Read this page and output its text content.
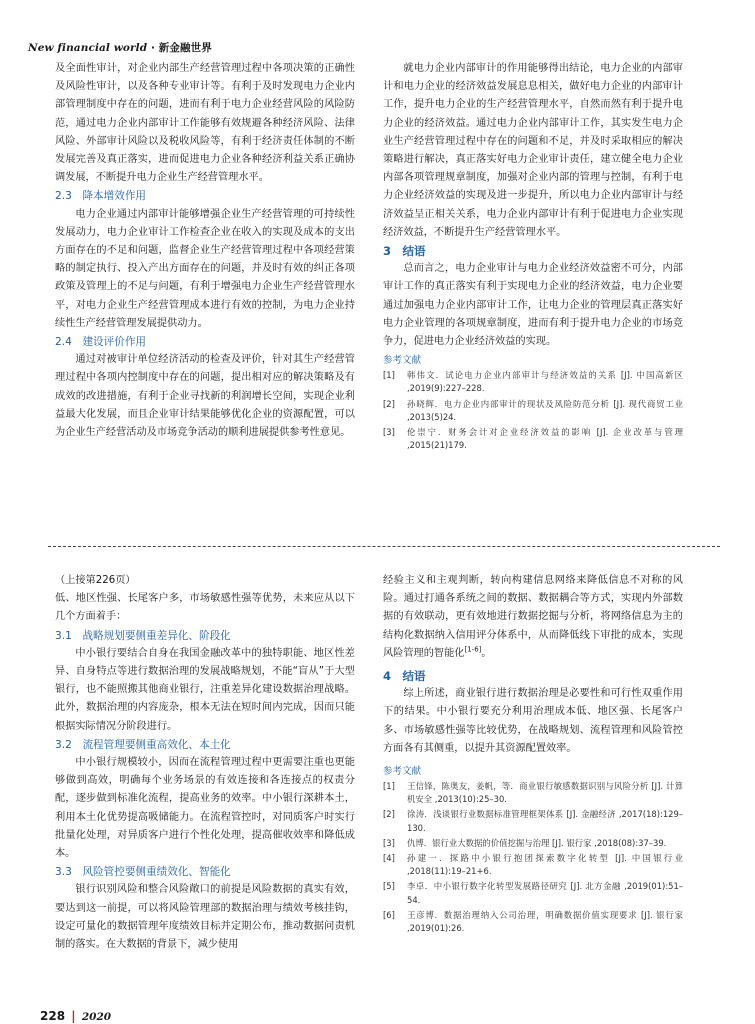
New financial world · 新金融世界

及全面性审计，对企业内部生产经营管理过程中各项决策的正确性及风险性审计，以及各种专业审计等。有利于及时发现电力企业内部管理制度中存在的问题，进而有利于电力企业经营风险的风险防范，通过电力企业内部审计工作能够有效规避各种经济风险、法律风险、外部审计风险以及税收风险等，有利于经济责任体制的不断发展完善及真正落实，进而促进电力企业各种经济利益关系正确协调发展，不断提升电力企业生产经营管理水平。

2.3　降本增效作用

电力企业通过内部审计能够增强企业生产经营管理的可持续性发展动力，电力企业审计工作检查企业在收入的实现及成本的支出方面存在的不足和问题，监督企业生产经营管理过程中各项经营策略的制定执行、投入产出方面存在的问题，并及时有效的纠正各项政策及管理上的不足与问题，有利于增强电力企业生产经营管理水平，对电力企业生产经营管理成本进行有效的控制，为电力企业持续性生产经营管理发展提供动力。

2.4　建设评价作用

通过对被审计单位经济活动的检查及评价，针对其生产经营管理过程中各项内控制度中存在的问题，提出相对应的解决策略及有成效的改进措施，有利于企业寻找新的利润增长空间，实现企业利益最大化发展，而且企业审计结果能够优化企业的资源配置，可以为企业生产经营活动及市场竞争活动的顺利进展提供参考性意见。

就电力企业内部审计的作用能够得出结论，电力企业的内部审计和电力企业的经济效益发展息息相关，做好电力企业的内部审计工作，提升电力企业的生产经营管理水平，自然而然有利于提升电力企业的经济效益。通过电力企业内部审计工作，其实发生电力企业生产经营管理过程中存在的问题和不足，并及时采取相应的解决策略进行解决，真正落实好电力企业审计责任，建立健全电力企业内部各项管理规章制度，加强对企业内部的管理与控制，有利于电力企业经济效益的实现及进一步提升，所以电力企业内部审计与经济效益呈正相关关系，电力企业内部审计有利于促进电力企业实现经济效益，不断提升生产经营管理水平。

3　结语

总而言之，电力企业审计与电力企业经济效益密不可分，内部审计工作的真正落实有利于实现电力企业的经济效益，电力企业要通过加强电力企业内部审计工作，让电力企业的管理层真正落实好电力企业管理的各项规章制度，进而有利于提升电力企业的市场竞争力，促进电力企业经济效益的实现。

参考文献
[1] 韩伟文．试论电力企业内部审计与经济效益的关系 [J]. 中国高新区 ,2019(9):227–228.
[2] 孙晓辉．电力企业内部审计的现状及风险防范分析 [J]. 现代商贸工业 ,2013(5)24.
[3] 伦崇宁．财务会计对企业经济效益的影响 [J]. 企业改革与管理 ,2015(21)179.

（上接第226页）

低、地区性强、长尾客户多，市场敏感性强等优势，未来应从以下几个方面着手：

3.1　战略规划要侧重差异化、阶段化

中小银行要结合自身在我国金融改革中的独特职能、地区性差异、自身特点等进行数据治理的发展战略规划，不能“盲从”于大型银行，也不能照搬其他商业银行，注重差异化建设数据治理战略。此外，数据治理的内容庞杂，根本无法在短时间内完成，因而只能根据实际情况分阶段进行。

3.2　流程管理要侧重高效化、本土化

中小银行规模较小，因而在流程管理过程中更需要注重也更能够做到高效，明确每个业务场景的有效连接和各连接点的权责分配，逐步做到标准化流程，提高业务的效率。中小银行深耕本土，利用本土化优势提高吸储能力。在流程管控时，对同质客户时实行批量化处理，对异质客户进行个性化处理，提高催收效率和降低成本。

3.3　风险管控要侧重绩效化、智能化

银行识别风险和整合风险敞口的前提是风险数据的真实有效，要达到这一前提，可以将风险管理部的数据治理与绩效考核挂钩，设定可量化的数据管理年度绩效目标并定期公布，推动数据问责机制的落实。在大数据的背景下，减少使用

经验主义和主观判断，转向构建信息网络来降低信息不对称的风险。通过打通各系统之间的数据、数据耦合等方式，实现内外部数据的有效联动，更有效地进行数据挖掘与分析，将网络信息为主的结构化数据纳入信用评分体系中，从而降低线下审批的成本，实现风险管理的智能化[1-6]。

4　结语

综上所述，商业银行进行数据治理是必要性和可行性双重作用下的结果。中小银行要充分利用治理成本低、地区强、长尾客户多、市场敏感性强等比较优势，在战略规划、流程管理和风险管控方面各有其侧重，以提升其资源配置效率。

参考文献
[1] 王信锋，陈奥友，姜帆，等．商业银行敏感数据识别与风险分析 [J]. 计算机安全 ,2013(10):25–30.
[2] 徐涛．浅谈银行业数据标准管理框架体系 [J]. 金融经济 ,2017(18):129–130.
[3] 仇博．银行业大数据的价值挖掘与治理 [J]. 银行家 ,2018(08):37–39.
[4] 孙建一．探路中小银行抱团探索数字化转型 [J]. 中国银行业 ,2018(11):19–21+6.
[5] 李卓．中小银行数字化转型发展路径研究 [J]. 北方金融 ,2019(01):51–54.
[6] 王彦博．数据治理纳入公司治理，明确数据价值实现要求 [J]. 银行家 ,2019(01):26.
228 | 2020
